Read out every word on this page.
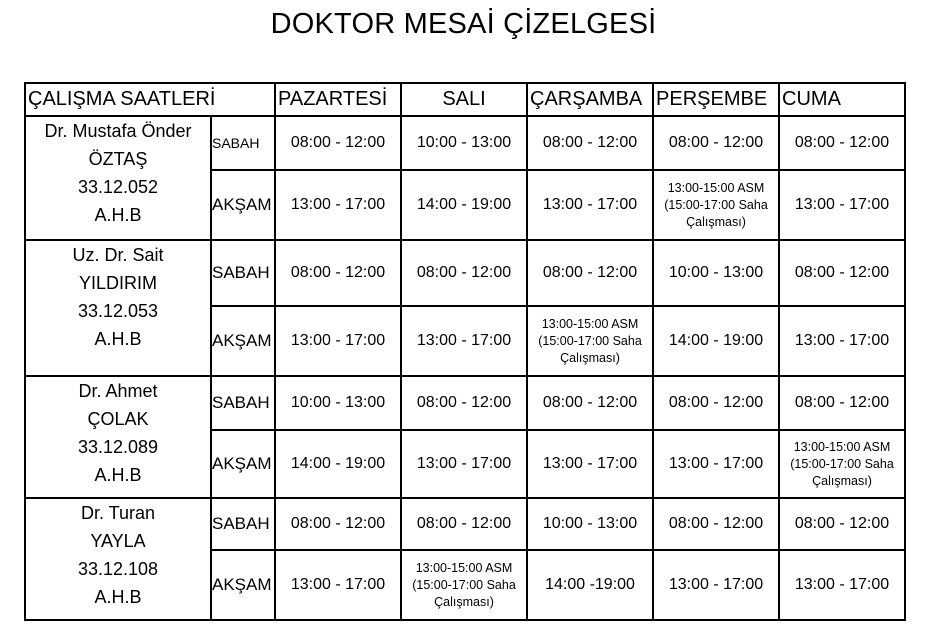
DOKTOR MESAİ ÇİZELGESİ
ÇALIŞMA SAATLERİ		PAZARTESİ	SALI	ÇARŞAMBA	PERŞEMBE	CUMA

Dr. Mustafa Önder
ÖZTAŞ
33.12.052
A.H.B	SABAH	08:00 - 12:00	10:00 - 13:00	08:00 - 12:00	08:00 - 12:00	08:00 - 12:00
	AKŞAM	13:00 - 17:00	14:00 - 19:00	13:00 - 17:00	13:00-15:00 ASM
(15:00-17:00 Saha
Çalışması)	13:00 - 17:00

Uz. Dr. Sait
YILDIRIM
33.12.053
A.H.B	SABAH	08:00 - 12:00	08:00 - 12:00	08:00 - 12:00	10:00 - 13:00	08:00 - 12:00
	AKŞAM	13:00 - 17:00	13:00 - 17:00	13:00-15:00 ASM
(15:00-17:00 Saha
Çalışması)	14:00 - 19:00	13:00 - 17:00

Dr. Ahmet
ÇOLAK
33.12.089
A.H.B	SABAH	10:00 - 13:00	08:00 - 12:00	08:00 - 12:00	08:00 - 12:00	08:00 - 12:00
	AKŞAM	14:00 - 19:00	13:00 - 17:00	13:00 - 17:00	13:00 - 17:00	13:00-15:00 ASM
(15:00-17:00 Saha
Çalışması)

Dr. Turan
YAYLA
33.12.108
A.H.B	SABAH	08:00 - 12:00	08:00 - 12:00	10:00 - 13:00	08:00 - 12:00	08:00 - 12:00
	AKŞAM	13:00 - 17:00	13:00-15:00 ASM
(15:00-17:00 Saha
Çalışması)	14:00 -19:00	13:00 - 17:00	13:00 - 17:00
